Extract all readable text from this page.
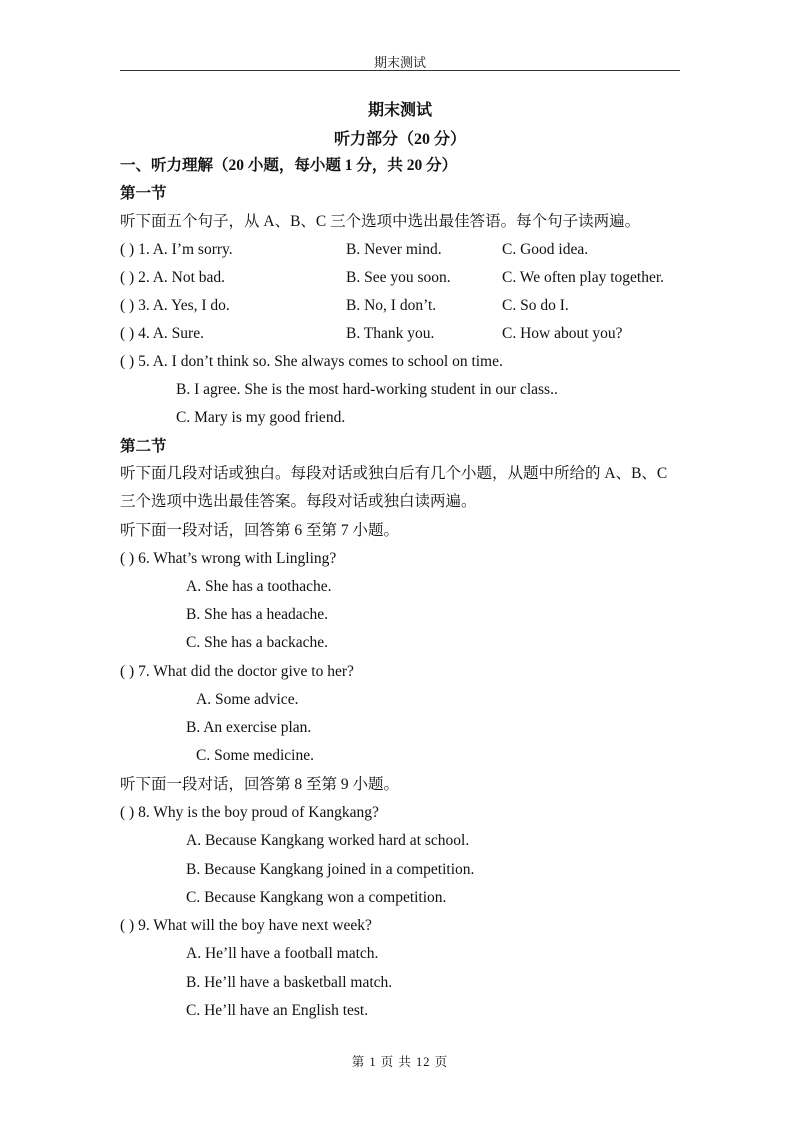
期末测试
期末测试
听力部分（20 分）
一、听力理解（20 小题，每小题 1 分，共 20 分）
第一节
听下面五个句子，从 A、B、C 三个选项中选出最佳答语。每个句子读两遍。
( ) 1. A. I’m sorry.	B. Never mind.	C. Good idea.
( ) 2. A. Not bad.	B. See you soon.	C. We often play together.
( ) 3. A. Yes, I do.	B. No, I don’t.	C. So do I.
( ) 4. A. Sure.	B. Thank you.	C. How about you?
( ) 5. A. I don’t think so. She always comes to school on time.
B. I agree. She is the most hard-working student in our class..
C. Mary is my good friend.
第二节
听下面几段对话或独白。每段对话或独白后有几个小题，从题中所给的 A、B、C 三个选项中选出最佳答案。每段对话或独白读两遍。
听下面一段对话，回答第 6 至第 7 小题。
( ) 6. What’s wrong with Lingling?
A. She has a toothache.
B. She has a headache.
C. She has a backache.
( ) 7. What did the doctor give to her?
A. Some advice.
B. An exercise plan.
C. Some medicine.
听下面一段对话，回答第 8 至第 9 小题。
( ) 8. Why is the boy proud of Kangkang?
A. Because Kangkang worked hard at school.
B. Because Kangkang joined in a competition.
C. Because Kangkang won a competition.
( ) 9. What will the boy have next week?
A. He’ll have a football match.
B. He’ll have a basketball match.
C. He’ll have an English test.
第 1 页 共 12 页
